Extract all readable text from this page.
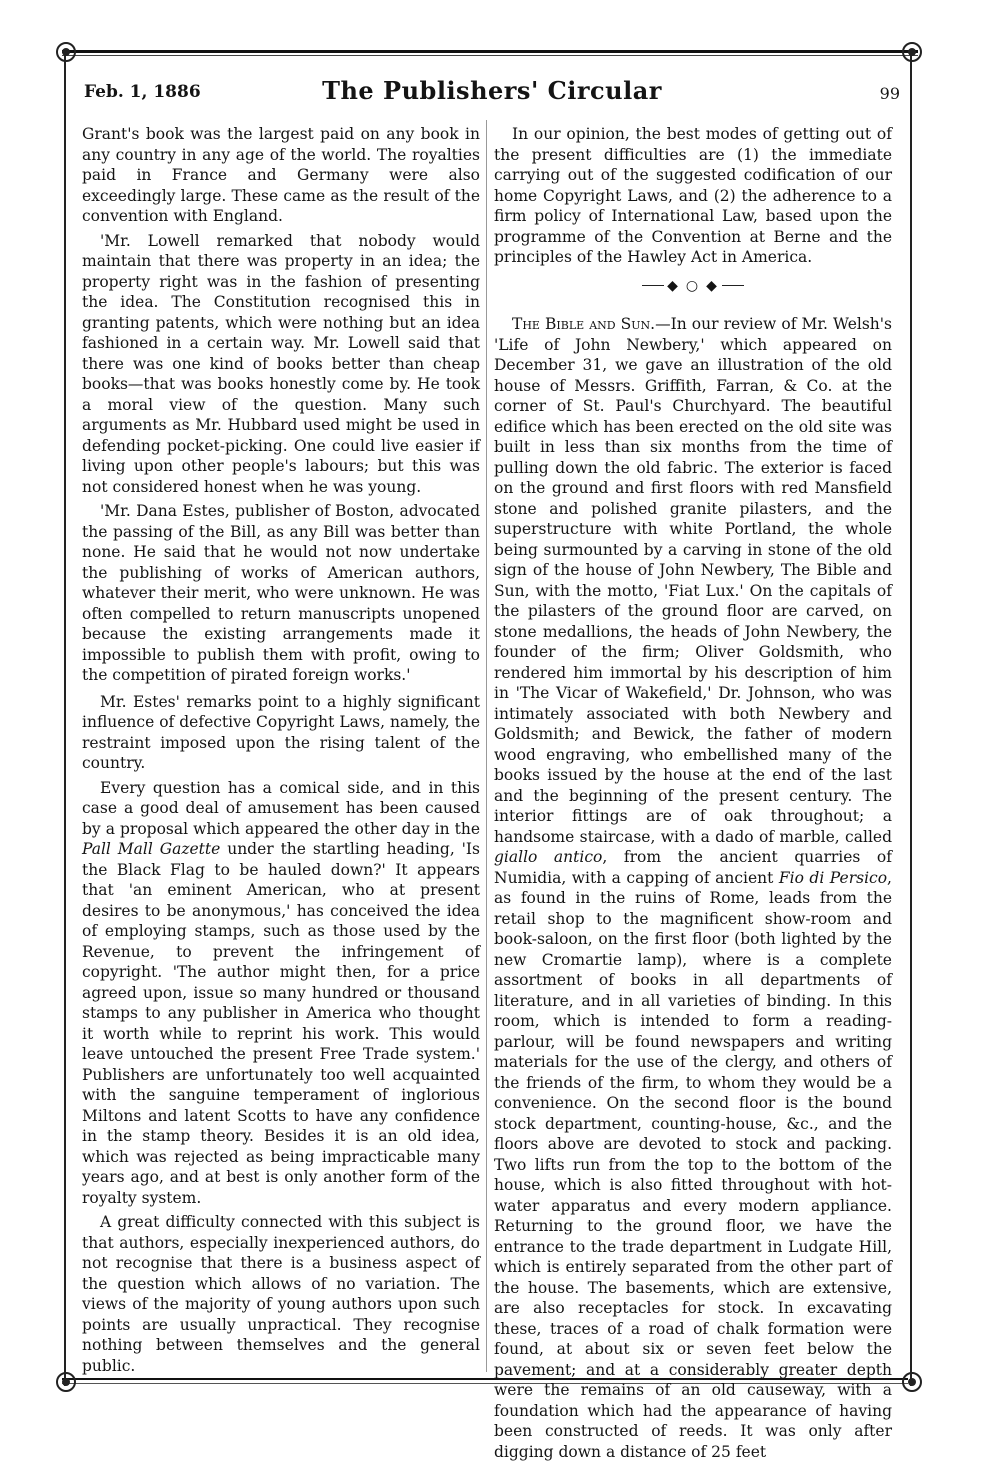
Feb. 1, 1886	The Publishers' Circular	99

Grant's book was the largest paid on any book in any country in any age of the world. The royalties paid in France and Germany were also exceedingly large. These came as the result of the convention with England.

'Mr. Lowell remarked that nobody would maintain that there was property in an idea; the property right was in the fashion of presenting the idea. The Constitution recognised this in granting patents, which were nothing but an idea fashioned in a certain way. Mr. Lowell said that there was one kind of books better than cheap books—that was books honestly come by. He took a moral view of the question. Many such arguments as Mr. Hubbard used might be used in defending pocket-picking. One could live easier if living upon other people's labours; but this was not considered honest when he was young.

'Mr. Dana Estes, publisher of Boston, advocated the passing of the Bill, as any Bill was better than none. He said that he would not now undertake the publishing of works of American authors, whatever their merit, who were unknown. He was often compelled to return manuscripts unopened because the existing arrangements made it impossible to publish them with profit, owing to the competition of pirated foreign works.'

Mr. Estes' remarks point to a highly significant influence of defective Copyright Laws, namely, the restraint imposed upon the rising talent of the country.

Every question has a comical side, and in this case a good deal of amusement has been caused by a proposal which appeared the other day in the Pall Mall Gazette under the startling heading, 'Is the Black Flag to be hauled down?' It appears that 'an eminent American, who at present desires to be anonymous,' has conceived the idea of employing stamps, such as those used by the Revenue, to prevent the infringement of copyright. 'The author might then, for a price agreed upon, issue so many hundred or thousand stamps to any publisher in America who thought it worth while to reprint his work. This would leave untouched the present Free Trade system.' Publishers are unfortunately too well acquainted with the sanguine temperament of inglorious Miltons and latent Scotts to have any confidence in the stamp theory. Besides it is an old idea, which was rejected as being impracticable many years ago, and at best is only another form of the royalty system.

A great difficulty connected with this subject is that authors, especially inexperienced authors, do not recognise that there is a business aspect of the question which allows of no variation. The views of the majority of young authors upon such points are usually unpractical. They recognise nothing between themselves and the general public.

In our opinion, the best modes of getting out of the present difficulties are (1) the immediate carrying out of the suggested codification of our home Copyright Laws, and (2) the adherence to a firm policy of International Law, based upon the programme of the Convention at Berne and the principles of the Hawley Act in America.

◆ ○ ◆

The Bible and Sun.—In our review of Mr. Welsh's 'Life of John Newbery,' which appeared on December 31, we gave an illustration of the old house of Messrs. Griffith, Farran, & Co. at the corner of St. Paul's Churchyard. The beautiful edifice which has been erected on the old site was built in less than six months from the time of pulling down the old fabric. The exterior is faced on the ground and first floors with red Mansfield stone and polished granite pilasters, and the superstructure with white Portland, the whole being surmounted by a carving in stone of the old sign of the house of John Newbery, The Bible and Sun, with the motto, 'Fiat Lux.' On the capitals of the pilasters of the ground floor are carved, on stone medallions, the heads of John Newbery, the founder of the firm; Oliver Goldsmith, who rendered him immortal by his description of him in 'The Vicar of Wakefield,' Dr. Johnson, who was intimately associated with both Newbery and Goldsmith; and Bewick, the father of modern wood engraving, who embellished many of the books issued by the house at the end of the last and the beginning of the present century. The interior fittings are of oak throughout; a handsome staircase, with a dado of marble, called giallo antico, from the ancient quarries of Numidia, with a capping of ancient Fio di Persico, as found in the ruins of Rome, leads from the retail shop to the magnificent show-room and book-saloon, on the first floor (both lighted by the new Cromartie lamp), where is a complete assortment of books in all departments of literature, and in all varieties of binding. In this room, which is intended to form a reading-parlour, will be found newspapers and writing materials for the use of the clergy, and others of the friends of the firm, to whom they would be a convenience. On the second floor is the bound stock department, counting-house, &c., and the floors above are devoted to stock and packing. Two lifts run from the top to the bottom of the house, which is also fitted throughout with hot-water apparatus and every modern appliance. Returning to the ground floor, we have the entrance to the trade department in Ludgate Hill, which is entirely separated from the other part of the house. The basements, which are extensive, are also receptacles for stock. In excavating these, traces of a road of chalk formation were found, at about six or seven feet below the pavement; and at a considerably greater depth were the remains of an old causeway, with a foundation which had the appearance of having been constructed of reeds. It was only after digging down a distance of 25 feet
